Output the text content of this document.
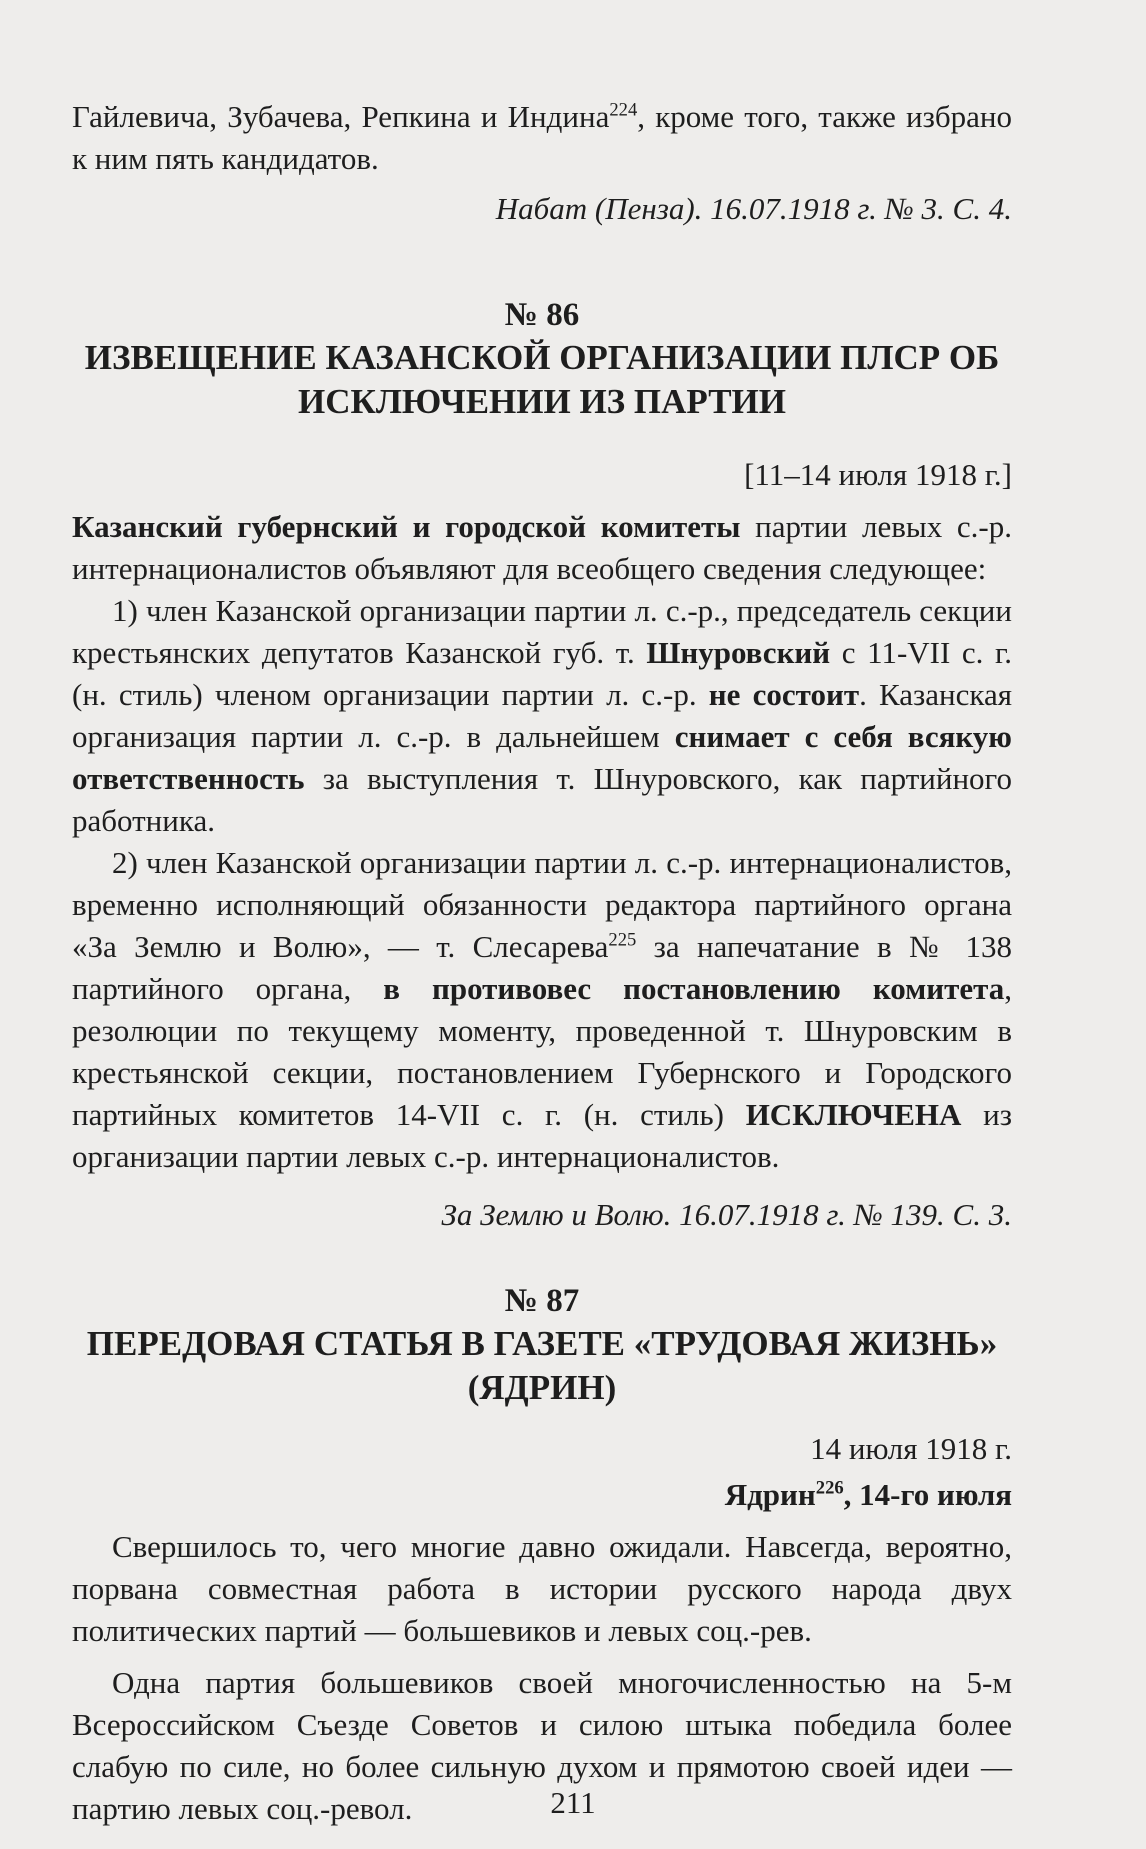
Гайлевича, Зубачева, Репкина и Индина$^{224}$, кроме того, также избрано к ним пять кандидатов.

Набат (Пенза). 16.07.1918 г. № 3. С. 4.

№ 86

ИЗВЕЩЕНИЕ КАЗАНСКОЙ ОРГАНИЗАЦИИ ПЛСР ОБ ИСКЛЮЧЕНИИ ИЗ ПАРТИИ

[11–14 июля 1918 г.]

Казанский губернский и городской комитеты партии левых с.-р. интернационалистов объявляют для всеобщего сведения следующее:

1) член Казанской организации партии л. с.-р., председатель секции крестьянских депутатов Казанской губ. т. Шнуровский с 11-VII с. г. (н. стиль) членом организации партии л. с.-р. не состоит. Казанская организация партии л. с.-р. в дальнейшем снимает с себя всякую ответственность за выступления т. Шнуровского, как партийного работника.

2) член Казанской организации партии л. с.-р. интернационалистов, временно исполняющий обязанности редактора партийного органа «За Землю и Волю», — т. Слесарева$^{225}$ за напечатание в № 138 партийного органа, в противовес постановлению комитета, резолюции по текущему моменту, проведенной т. Шнуровским в крестьянской секции, постановлением Губернского и Городского партийных комитетов 14-VII с. г. (н. стиль) ИСКЛЮЧЕНА из организации партии левых с.-р. интернационалистов.

За Землю и Волю. 16.07.1918 г. № 139. С. 3.

№ 87

ПЕРЕДОВАЯ СТАТЬЯ В ГАЗЕТЕ «ТРУДОВАЯ ЖИЗНЬ» (ЯДРИН)

14 июля 1918 г.

Ядрин$^{226}$, 14-го июля

Свершилось то, чего многие давно ожидали. Навсегда, вероятно, порвана совместная работа в истории русского народа двух политических партий — большевиков и левых соц.-рев.

Одна партия большевиков своей многочисленностью на 5-м Всероссийском Съезде Советов и силою штыка победила более слабую по силе, но более сильную духом и прямотою своей идеи — партию левых соц.-револ.	211
